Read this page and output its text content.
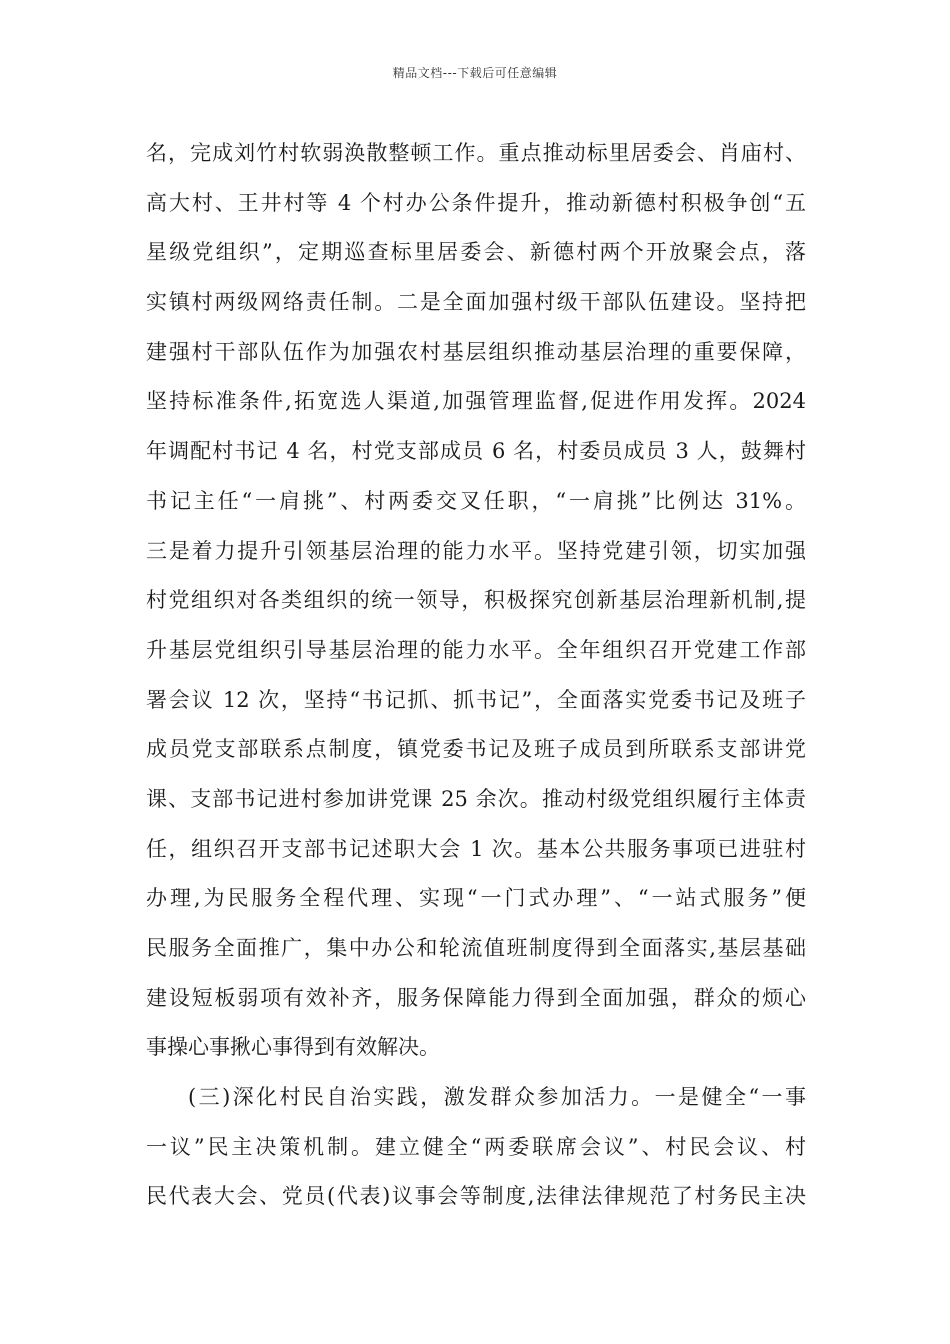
精品文档---下载后可任意编辑
名，完成刘竹村软弱涣散整顿工作。重点推动标里居委会、肖庙村、
高大村、王井村等 4 个村办公条件提升，推动新德村积极争创“五
星级党组织”，定期巡查标里居委会、新德村两个开放聚会点，落
实镇村两级网络责任制。二是全面加强村级干部队伍建设。坚持把
建强村干部队伍作为加强农村基层组织推动基层治理的重要保障，
坚持标准条件,拓宽选人渠道,加强管理监督,促进作用发挥。2024
年调配村书记 4 名，村党支部成员 6 名，村委员成员 3 人，鼓舞村
书记主任“一肩挑”、村两委交叉任职，“一肩挑”比例达 31%。
三是着力提升引领基层治理的能力水平。坚持党建引领，切实加强
村党组织对各类组织的统一领导，积极探究创新基层治理新机制,提
升基层党组织引导基层治理的能力水平。全年组织召开党建工作部
署会议 12 次，坚持“书记抓、抓书记”，全面落实党委书记及班子
成员党支部联系点制度，镇党委书记及班子成员到所联系支部讲党
课、支部书记进村参加讲党课 25 余次。推动村级党组织履行主体责
任，组织召开支部书记述职大会 1 次。基本公共服务事项已进驻村
办理,为民服务全程代理、实现“一门式办理”、“一站式服务”便
民服务全面推广，集中办公和轮流值班制度得到全面落实,基层基础
建设短板弱项有效补齐，服务保障能力得到全面加强，群众的烦心
事操心事揪心事得到有效解决。
(三)深化村民自治实践，激发群众参加活力。一是健全“一事
一议”民主决策机制。建立健全“两委联席会议”、村民会议、村
民代表大会、党员(代表)议事会等制度,法律法律规范了村务民主决
